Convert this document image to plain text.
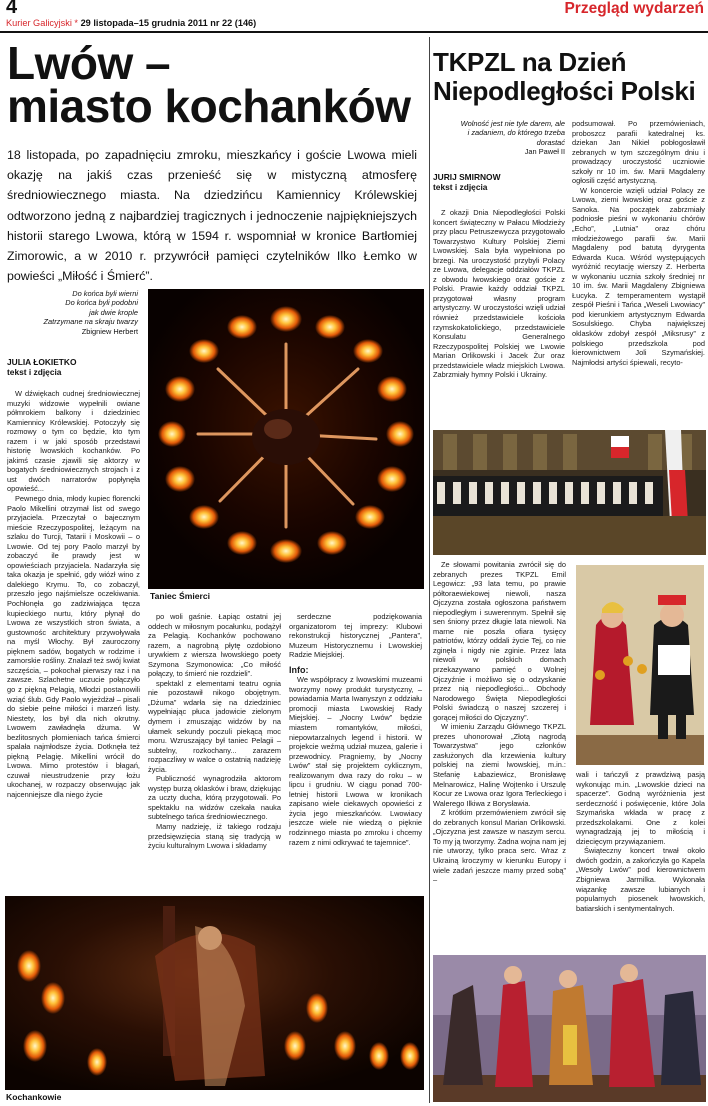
4
Kurier Galicyjski * 29 listopada–15 grudnia 2011 nr 22 (146)
Przegląd wydarzeń
Lwów –
miasto kochanków
18 listopada, po zapadnięciu zmroku, mieszkańcy i goście Lwowa mieli okazję na jakiś czas przenieść się w mistyczną atmosferę średniowiecznego miasta. Na dziedzińcu Kamiennicy Królewskiej odtworzono jedną z najbardziej tragicznych i jednoczenie najpiękniejszych historii starego Lwowa, którą w 1594 r. wspomniał w kronice Bartłomiej Zimorowic, a w 2010 r. przywrócił pamięci czytelników Ilko Łemko w powieści „Miłość i Śmierć”.
Do końca byli wierni
Do końca byli podobni
jak dwie krople
Zatrzymane na skraju twarzy
Zbigniew Herbert
JULIA ŁOKIETKO
tekst i zdjęcia

W dźwiękach cudnej średniowiecznej muzyki widzowie wypełnili owiane półmrokiem balkony i dziedziniec Kamiennicy Królewskiej. Potoczyły się rozmowy o tym co będzie, kto tym razem i w jaki sposób przedstawi historię lwowskich kochanków. Po jakimś czasie zjawili się aktorzy w bogatych średniowiecznych strojach i z ust dwóch narratorów popłynęła opowieść...

Pewnego dnia, młody kupiec florencki Paolo Mikellini otrzymał list od swego przyjaciela. Przeczytał o bajecznym mieście Rzeczypospolitej, leżącym na szlaku do Turcji, Tatarii i Moskowii – o Lwowie. Od tej pory Paolo marzył by zobaczyć ile prawdy jest w opowieściach przyjaciela. Nadarzyła się taka okazja je spełnić, gdy wiózł wino z dalekiego Krymu. To, co zobaczył, przeszło jego najśmielsze oczekiwania. Pochłonęła go zadziwiająca tęcza kupieckiego nurtu, który płynął do Lwowa ze wszystkich stron świata, a gustownośc architektury przywoływała na myśl Włochy. Był zauroczony pięknem sadów, bogatych w rodzime i zamorskie rośliny. Znalazł też swój kwiat szczęścia, – pokochał pierwszy raz i na zawsze. Szlachetne uczucie połączyło go z piękną Pelagią, Młodzi postanowili wziąć ślub. Gdy Paolo wyjeżdżał – pisali do siebie pełne miłości i marzeń listy. Niestety, los był dla nich okrutny. Lwowem zawładnęła dżuma. W bezlitosnych płomieniach tańca śmierci spalała najmłodsze życia. Dotknęła też piękną Pelagię. Mikellini wrócił do Lwowa. Mimo protestów i błagań, czuwał nieustrudzenie przy łożu ukochanej, w rozpaczy obserwując jak najcenniejsze dla niego życie

Taniec Śmierci

po woli gaśnie. Łapiąc ostatni jej oddech w miłosnym pocałunku, podążył za Pelagią. Kochanków pochowano razem, a nagrobną płytę ozdobiono urywkiem z wiersza lwowskiego poety Szymona Szymonowica: „Co miłość połączy, to śmierć nie rozdzieli”.

spektakl z elementami teatru ognia nie pozostawił nikogo obojętnym. „Dżuma” wdarła się na dziedziniec wypełniając płuca jadowicie zielonym dymem i zmuszając widzów by na ułamek sekundy poczuli piekącą moc moru. Wzruszający był taniec Pelagii – subtelny, rozkochany... zarazem rozpaczliwy w walce o ostatnią nadzieję życia.

Publiczność wynagrodziła aktorom występ burzą oklasków i braw, dziękując za uczty ducha, którą przygotowali. Po spektaklu na widzów czekała nauka subtelnego tańca średniowiecznego.

Mamy nadzieję, iż takiego rodzaju przedsięwzięcia staną się tradycją w życiu kulturalnym Lwowa i składamy

serdeczne podziękowania organizatorom tej imprezy: Klubowi rekonstrukcji historycznej „Pantera”, Muzeum Historycznemu i Lwowskiej Radzie Miejskiej.

Info:

We współpracy z lwowskimi muzeami tworzymy nowy produkt turystyczny, – powiadamia Marta Iwanyszyn z oddziału promocji miasta Lwowskiej Rady Miejskiej. – „Nocny Lwów” będzie miastem romantyków, miłości, niepowtarzalnych legend i historii. W projekcie weźmą udział muzea, galerie i przewodnicy. Pragniemy, by „Nocny Lwów” stał się projektem cyklicznym, realizowanym dwa razy do roku – w lipcu i grudniu. W ciągu ponad 700-letniej historii Lwowa w kronikach zapisano wiele ciekawych opowieści z życia jego mieszkańców. Lwowiacy jeszcze wiele nie wiedzą o pięknie rodzinnego miasta po zmroku i chcemy razem z nimi odkrywać te tajemnice”.

Kochankowie
TKPZL na Dzień
Niepodległości Polski
Wolność jest nie tyle darem, ale
i zadaniem, do którego trzeba
dorastać
Jan Paweł II
JURIJ SMIRNOW
tekst i zdjęcia

Z okazji Dnia Niepodległości Polski koncert świąteczny w Pałacu Młodzieży przy placu Petruszewycza przygotowało Towarzystwo Kultury Polskiej Ziemi Lwowskiej. Sala była wypełniona po brzegi. Na uroczystość przybyli Polacy ze Lwowa, delegacje oddziałów TKPZL z obwodu lwowskiego oraz goście z Polski. Prawie każdy oddział TKPZL przygotował własny program artystyczny. W uroczystości wzięli udział również przedstawiciele kościoła rzymskokatolickiego, przedstawiciele Konsulatu Generalnego Rzeczypospolitej Polskiej we Lwowie Marian Orlikowski i Jacek Żur oraz przedstawiciele władz miejskich Lwowa. Zabrzmiały hymny Polski i Ukrainy.

podsumował. Po przemówieniach, proboszcz parafii katedralnej ks. dziekan Jan Nikiel pobłogosławił zebranych w tym szczególnym dniu i prowadzący uroczystość uczniowie szkoły nr 10 im. św. Marii Magdaleny ogłosili część artystyczną.

W koncercie wzięli udział Polacy ze Lwowa, ziemi lwowskiej oraz goście z Sanoka. Na początek zabrzmiały podniosłe pieśni w wykonaniu chórów „Echo”, „Lutnia” oraz chóru młodzieżowego parafii św. Marii Magdaleny pod batutą dyrygenta Edwarda Kuca. Wśród występujących wyróżnić recytację wierszy Z. Herberta w wykonaniu ucznia szkoły średniej nr 10 im. św. Marii Magdaleny Zbigniewa Łucyka. Z temperamentem wystąpił zespół Pieśni i Tańca „Weseli Lwowiacy” pod kierunkiem artystycznym Edwarda Sosulskiego. Chyba największej oklasków zdobył zespół „Miksrusy” z polskiego przedszkola pod kierownictwem Joli Szymańskiej. Najmłodsi artyści śpiewali, recyto-

Ze słowami powitania zwrócił się do zebranych prezes TKPZL Emil Legowicz: „93 lata temu, po prawie półtoraewiekowej niewoli, nasza Ojczyzna została ogłoszona państwem niepodległym i suwerennym. Spełnił się sen śniony przez długie lata niewoli. Na marne nie poszła ofiara tysięcy patriotów, którzy oddali życie Tej, co nie zginęła i nigdy nie zginie. Przez lata niewoli w polskich domach przekazywano pamięć o Wolnej Ojczyźnie i możliwo się o odzyskanie przez nią niepodległości... Obchody Narodowego Święta Niepodległości Polski świadczą o naszej szczerej i gorącej miłości do Ojczyzny”.

W imieniu Zarządu Głównego TKPZL prezes uhonorował „Złotą nagrodą Towarzystwa” jego członków zasłużonych dla krzewienia kultury polskiej na ziemi lwowskiej, m.in.: Stefanię Łabaziewicz, Bronisławę Melnarowicz, Halinę Wojtenko i Urszulę Kocur ze Lwowa oraz Igora Terleckiego i Walerego Ilkiwa z Borysławia.

Z krótkim przemówieniem zwrócił się do zebranych konsul Marian Orlikowski. „Ojczyzna jest zawsze w naszym sercu. To my ją tworzymy. Żadna wojna nam jej nie utworzy, tylko praca serc. Wraz z Ukrainą kroczymy w kierunku Europy i wiele zadań jeszcze mamy przed sobą” –

wali i tańczyli z prawdziwą pasją wykonując m.in. „Lwowskie dzieci na spacerze”. Godną wyróżnienia jest serdeczność i poświęcenie, które Jola Szymańska wkłada w pracę z przedszkolakami. One z kolei wynagradzają jej to miłością i dziecięcym przywiązaniem.

Świąteczny koncert trwał około dwóch godzin, a zakończyła go Kapela „Wesoły Lwów” pod kierownictwem Zbigniewa Jarmilka. Wykonała wiązankę zawsze lubianych i popularnych piosenek lwowskich, batiarskich i sentymentalnych.
